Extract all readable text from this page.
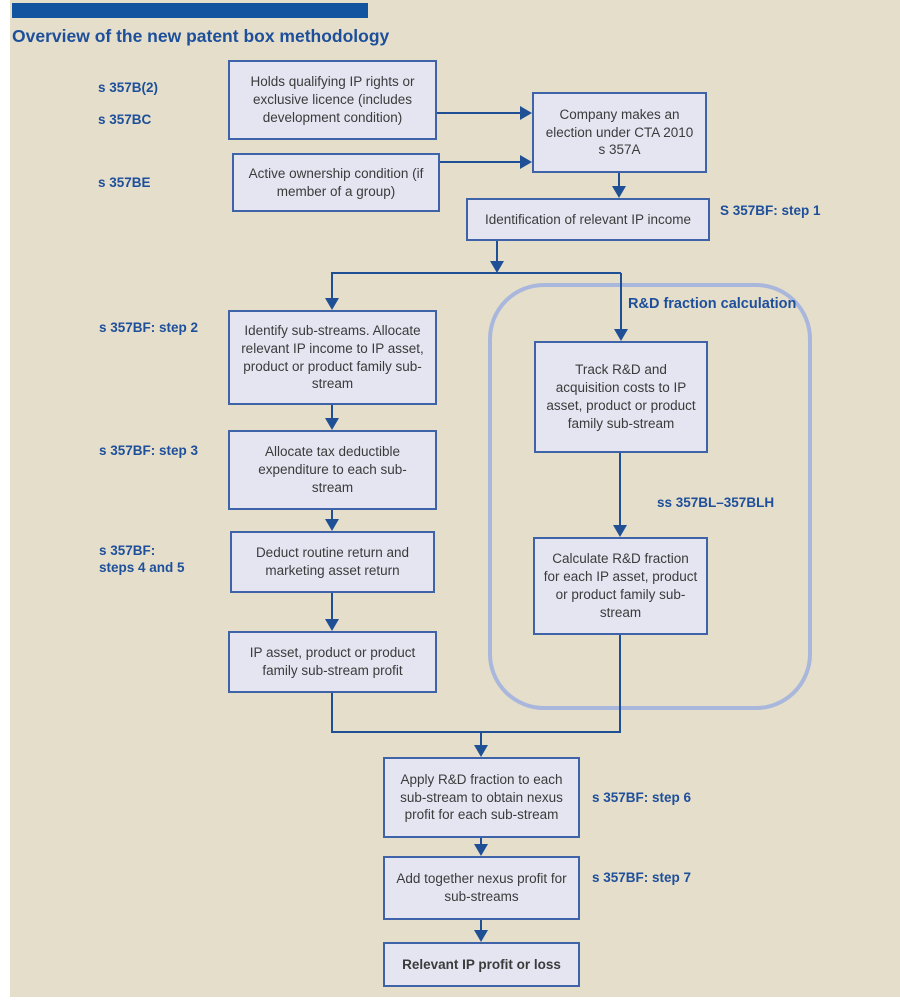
Overview of the new patent box methodology
R&D fraction calculation
ss 357BL–357BLH
s 357B(2)
s 357BC
s 357BE
S 357BF: step 1
s 357BF: step 2
s 357BF: step 3
s 357BF:
steps 4 and 5
s 357BF: step 6
s 357BF: step 7
Holds qualifying IP rights or exclusive licence (includes development condition)
Active ownership condition (if member of a group)
Company makes an election under CTA 2010 s 357A
Identification of relevant IP income
Identify sub-streams. Allocate relevant IP income to IP asset, product or product family sub-stream
Allocate tax deductible expenditure to each sub-stream
Deduct routine return and marketing asset return
IP asset, product or product family sub-stream profit
Track R&D and acquisition costs to IP asset, product or product family sub-stream
Calculate R&D fraction for each IP asset, product or product family sub-stream
Apply R&D fraction to each sub-stream to obtain nexus profit for each sub-stream
Add together nexus profit for sub-streams
Relevant IP profit or loss
